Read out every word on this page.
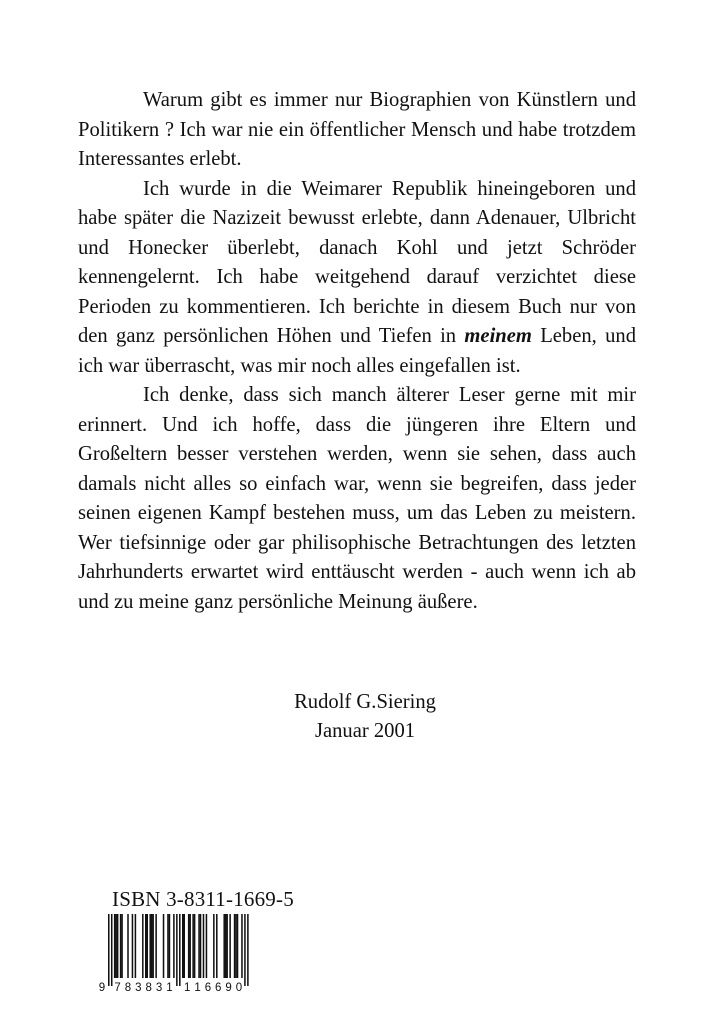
Warum gibt es immer nur Biographien von Künstlern und Politikern ? Ich war nie ein öffentlicher Mensch und habe trotzdem Interessantes erlebt.

Ich wurde in die Weimarer Republik hineingeboren und habe später die Nazizeit bewusst erlebte, dann Adenauer, Ulbricht und Honecker überlebt, danach Kohl und jetzt Schröder kennengelernt. Ich habe weitgehend darauf verzichtet diese Perioden zu kommentieren. Ich berichte in diesem Buch nur von den ganz persönlichen Höhen und Tiefen in meinem Leben, und ich war überrascht, was mir noch alles eingefallen ist.

Ich denke, dass sich manch älterer Leser gerne mit mir erinnert. Und ich hoffe, dass die jüngeren ihre Eltern und Großeltern besser verstehen werden, wenn sie sehen, dass auch damals nicht alles so einfach war, wenn sie begreifen, dass jeder seinen eigenen Kampf bestehen muss, um das Leben zu meistern. Wer tiefsinnige oder gar philisophische Betrachtungen des letzten Jahrhunderts erwartet wird enttäuscht werden - auch wenn ich ab und zu meine ganz persönliche Meinung äußere.

Rudolf G.Siering
Januar 2001
ISBN 3-8311-1669-5
9 7 8 3 8 3 1 1 1 6 6 9 0
